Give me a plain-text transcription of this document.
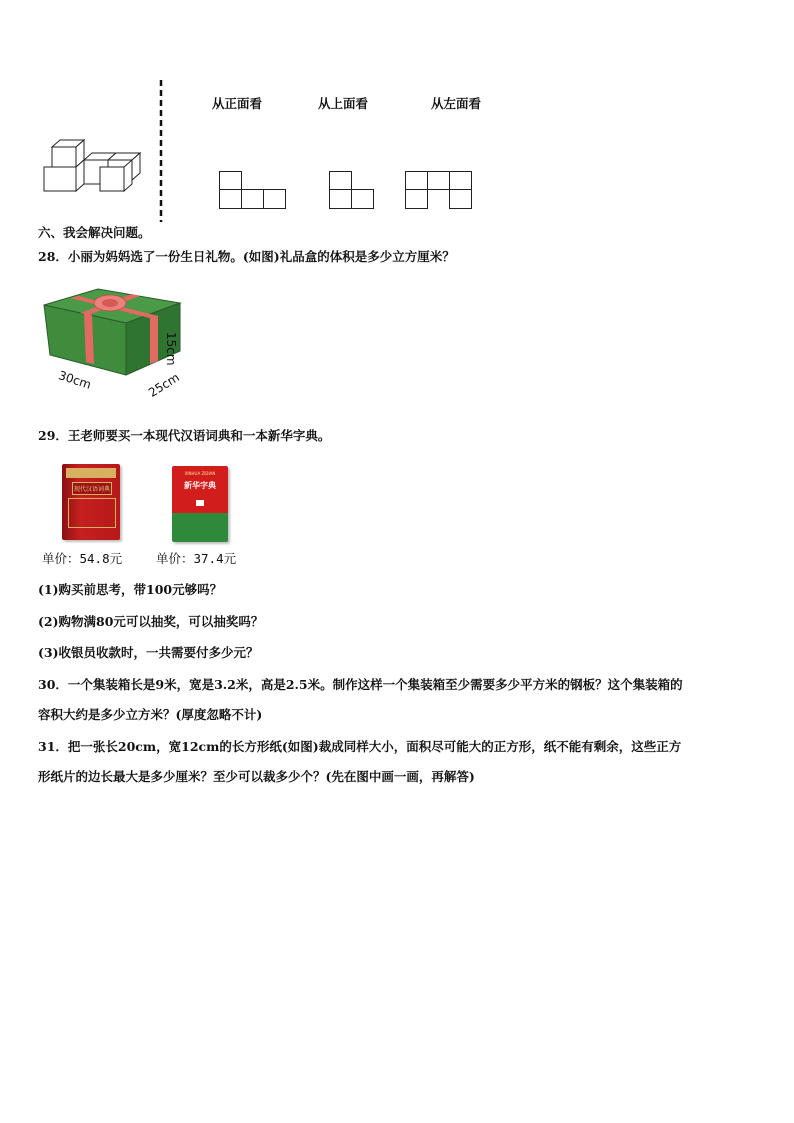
从正面看	从上面看	从左面看
六、我会解决问题。
28．小丽为妈妈选了一份生日礼物。(如图)礼品盒的体积是多少立方厘米？
15cm
30cm	25cm
29．王老师要买一本现代汉语词典和一本新华字典。
现代汉语词典
单价：54.8元
XINHUA ZIDIAN
新华字典
单价：37.4元
(1)购买前思考，带100元够吗？
(2)购物满80元可以抽奖，可以抽奖吗？
(3)收银员收款时，一共需要付多少元？
30．一个集装箱长是9米，宽是3.2米，高是2.5米。制作这样一个集装箱至少需要多少平方米的钢板？这个集装箱的
容积大约是多少立方米？(厚度忽略不计)
31．把一张长20cm，宽12cm的长方形纸(如图)裁成同样大小，面积尽可能大的正方形，纸不能有剩余，这些正方
形纸片的边长最大是多少厘米？至少可以裁多少个？(先在图中画一画，再解答)
